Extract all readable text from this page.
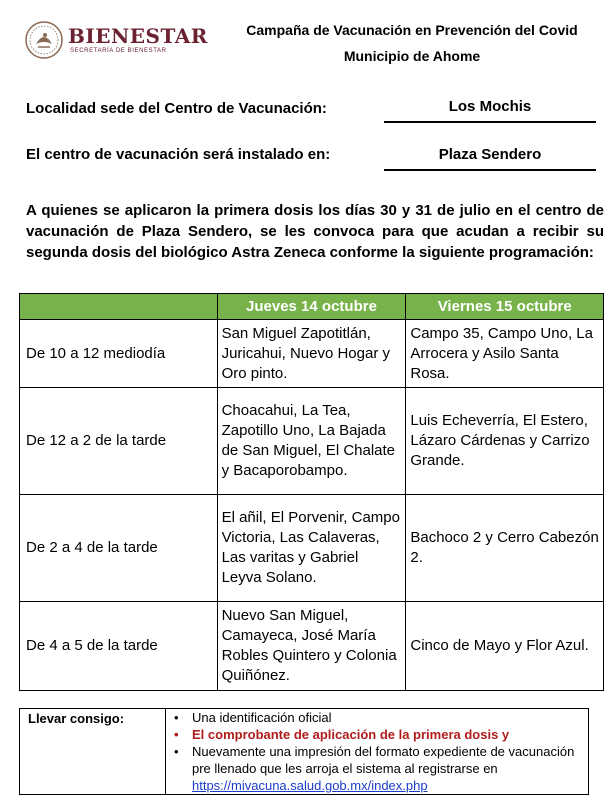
BIENESTAR
SECRETARÍA DE BIENESTAR
Campaña de Vacunación en Prevención del Covid
Municipio de Ahome
Localidad sede del Centro de Vacunación:	Los Mochis
El centro de vacunación será instalado en:	Plaza Sendero
A quienes se aplicaron la primera dosis los días 30 y 31 de julio en el centro de vacunación de Plaza Sendero, se les convoca para que acudan a recibir su segunda dosis del biológico Astra Zeneca conforme la siguiente programación:
	Jueves 14 octubre	Viernes 15 octubre
De 10 a 12 mediodía	San Miguel Zapotitlán, Juricahui, Nuevo Hogar y Oro pinto.	Campo 35, Campo Uno, La Arrocera y Asilo Santa Rosa.
De 12 a 2 de la tarde	Choacahui, La Tea, Zapotillo Uno, La Bajada de San Miguel, El Chalate y Bacaporobampo.	Luis Echeverría, El Estero, Lázaro Cárdenas y Carrizo Grande.
De 2 a 4 de la tarde	El añil, El Porvenir, Campo Victoria, Las Calaveras, Las varitas y Gabriel Leyva Solano.	Bachoco 2 y Cerro Cabezón 2.
De 4 a 5 de la tarde	Nuevo San Miguel, Camayeca, José María Robles Quintero y Colonia Quiñónez.	Cinco de Mayo y Flor Azul.
Llevar consigo:	
•Una identificación oficial
• El comprobante de aplicación de la primera dosis y
• Nuevamente una impresión del formato expediente de vacunación pre llenado que les arroja el sistema al registrarse en https://mivacuna.salud.gob.mx/index.php
